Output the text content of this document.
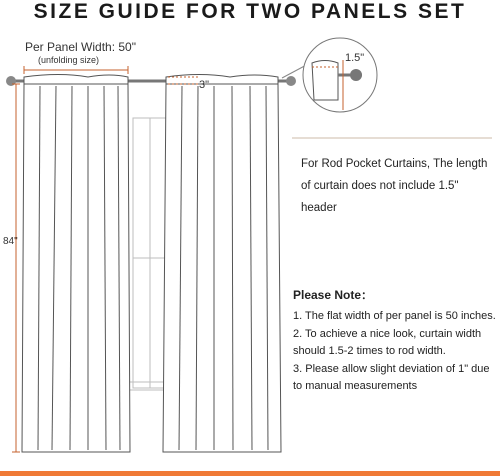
SIZE GUIDE FOR TWO PANELS SET
Per Panel Width: 50"
(unfolding size)
84"
3"
1.5"
For Rod Pocket Curtains, The length of curtain does not include 1.5" header
Please Note：
1. The flat width of per panel is 50 inches.
2. To achieve a nice look, curtain width should 1.5-2 times to rod width.
3. Please allow slight deviation of 1" due to manual measurements
